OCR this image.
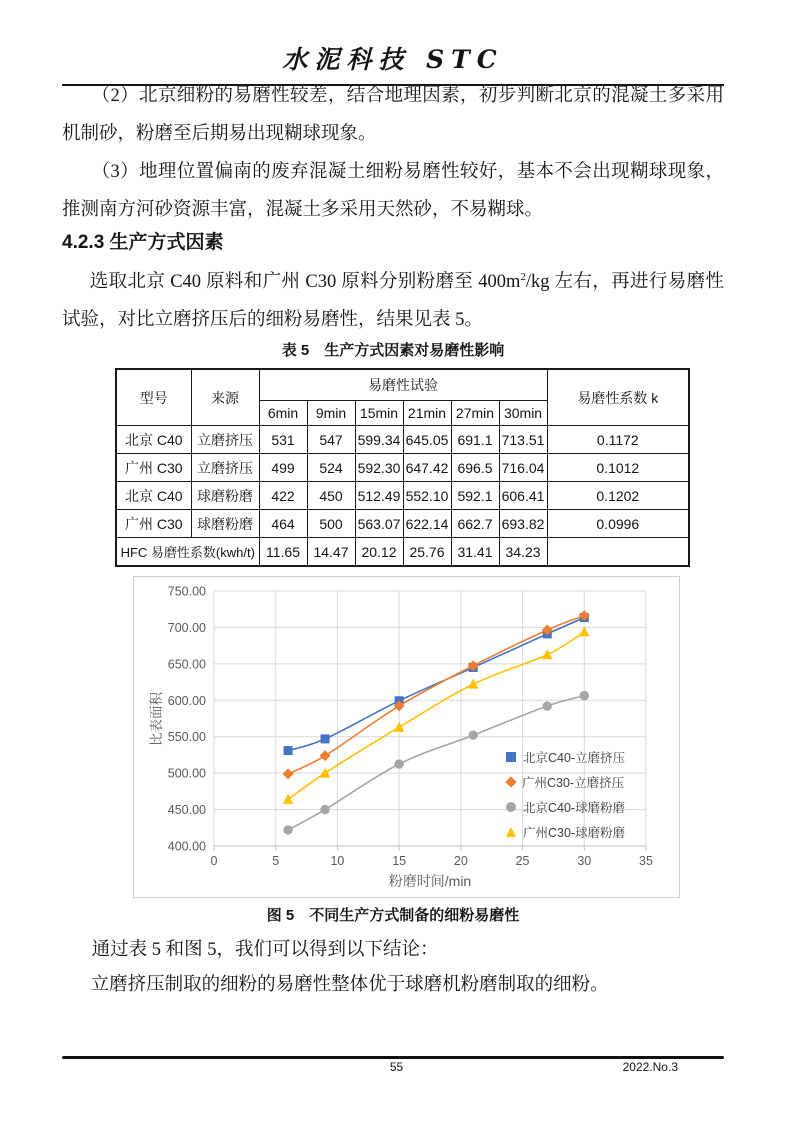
水泥科技 STC
（2）北京细粉的易磨性较差，结合地理因素，初步判断北京的混凝土多采用机制砂，粉磨至后期易出现糊球现象。
（3）地理位置偏南的废弃混凝土细粉易磨性较好，基本不会出现糊球现象，推测南方河砂资源丰富，混凝土多采用天然砂，不易糊球。
4.2.3 生产方式因素
选取北京 C40 原料和广州 C30 原料分别粉磨至 $400m^2/kg$ 左右，再进行易磨性试验，对比立磨挤压后的细粉易磨性，结果见表 5。
表 5　生产方式因素对易磨性影响
型号	来源	易磨性试验						易磨性系数 k
		6min	9min	15min	21min	27min	30min	
北京 C40	立磨挤压	531	547	599.34	645.05	691.1	713.51	0.1172
广州 C30	立磨挤压	499	524	592.30	647.42	696.5	716.04	0.1012
北京 C40	球磨粉磨	422	450	512.49	552.10	592.1	606.41	0.1202
广州 C30	球磨粉磨	464	500	563.07	622.14	662.7	693.82	0.0996
HFC 易磨性系数(kwh/t)		11.65	14.47	20.12	25.76	31.41	34.23	
750.00
700.00
650.00
600.00
550.00
500.00
450.00
400.00
0	5	10	15	20	25	30	35
比表面积
粉磨时间/min
北京C40-立磨挤压
广州C30-立磨挤压
北京C40-球磨粉磨
广州C30-球磨粉磨
图 5　不同生产方式制备的细粉易磨性
通过表 5 和图 5，我们可以得到以下结论：
立磨挤压制取的细粉的易磨性整体优于球磨机粉磨制取的细粉。
55	2022.No.3
